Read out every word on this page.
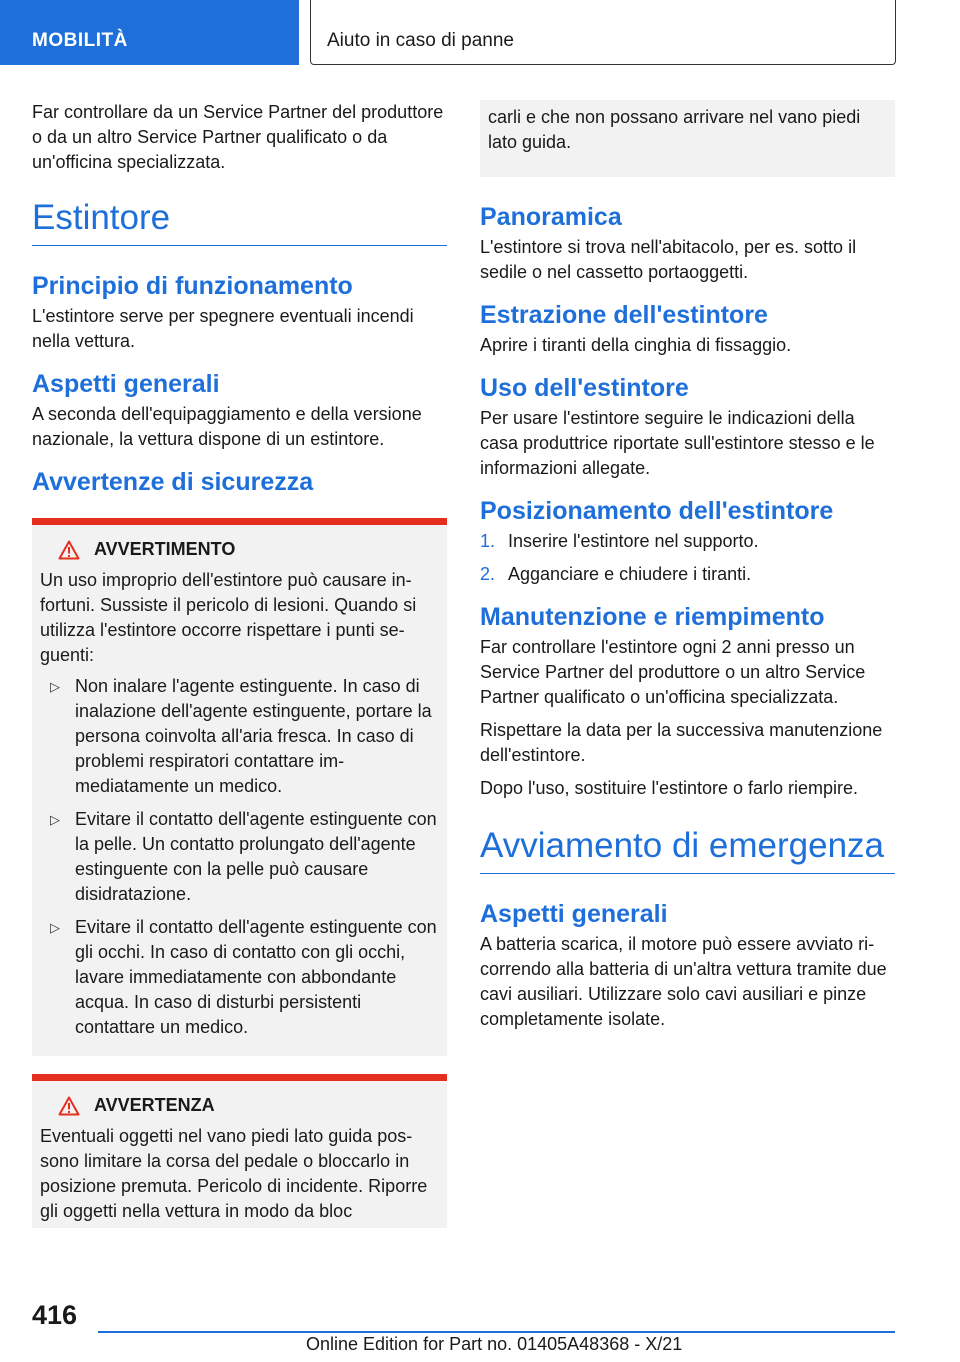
MOBILITÀ	Aiuto in caso di panne

Far controllare da un Service Partner del produttore o da un altro Service Partner qualificato o da un'officina specializzata.

Estintore
Principio di funzionamento

L'estintore serve per spegnere eventuali incendi nella vettura.

Aspetti generali

A seconda dell'equipaggiamento e della versione nazionale, la vettura dispone di un estintore.

Avvertenze di sicurezza
AVVERTIMENTO

Un uso improprio dell'estintore può causare infortuni. Sussiste il pericolo di lesioni. Quando si utilizza l'estintore occorre rispettare i punti seguenti:

▷ Non inalare l'agente estinguente. In caso di inalazione dell'agente estinguente, portare la persona coinvolta all'aria fresca. In caso di problemi respiratori contattare immediatamente un medico.
▷ Evitare il contatto dell'agente estinguente con la pelle. Un contatto prolungato dell'agente estinguente con la pelle può causare disidratazione.
▷ Evitare il contatto dell'agente estinguente con gli occhi. In caso di contatto con gli occhi, lavare immediatamente con abbondante acqua. In caso di disturbi persistenti contattare un medico.
AVVERTENZA

Eventuali oggetti nel vano piedi lato guida possono limitare la corsa del pedale o bloccarlo in posizione premuta. Pericolo di incidente. Riporre gli oggetti nella vettura in modo da bloc

carli e che non possano arrivare nel vano piedi lato guida.

Panoramica

L'estintore si trova nell'abitacolo, per es. sotto il sedile o nel cassetto portaoggetti.

Estrazione dell'estintore

Aprire i tiranti della cinghia di fissaggio.

Uso dell'estintore

Per usare l'estintore seguire le indicazioni della casa produttrice riportate sull'estintore stesso e le informazioni allegate.

Posizionamento dell'estintore
1. Inserire l'estintore nel supporto.
2. Agganciare e chiudere i tiranti.
Manutenzione e riempimento

Far controllare l'estintore ogni 2 anni presso un Service Partner del produttore o un altro Service Partner qualificato o un'officina specializzata.

Rispettare la data per la successiva manutenzione dell'estintore.

Dopo l'uso, sostituire l'estintore o farlo riempire.

Avviamento di emergenza
Aspetti generali

A batteria scarica, il motore può essere avviato ricorrendo alla batteria di un'altra vettura tramite due cavi ausiliari. Utilizzare solo cavi ausiliari e pinze completamente isolate.

416
Online Edition for Part no. 01405A48368 - X/21
